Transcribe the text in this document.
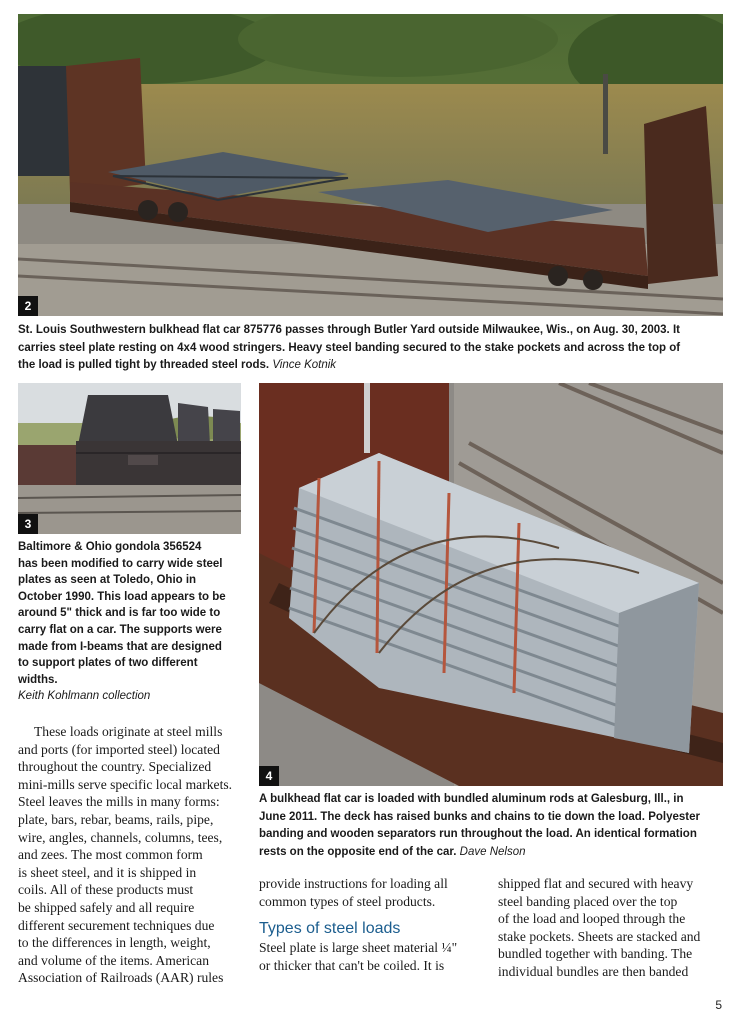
2
St. Louis Southwestern bulkhead flat car 875776 passes through Butler Yard outside Milwaukee, Wis., on Aug. 30, 2003. It
carries steel plate resting on 4x4 wood stringers. Heavy steel banding secured to the stake pockets and across the top of
the load is pulled tight by threaded steel rods. Vince Kotnik
3
Baltimore & Ohio gondola 356524
has been modified to carry wide steel
plates as seen at Toledo, Ohio in
October 1990. This load appears to be
around 5" thick and is far too wide to
carry flat on a car. The supports were
made from I-beams that are designed
to support plates of two different
widths.
Keith Kohlmann collection
4
A bulkhead flat car is loaded with bundled aluminum rods at Galesburg, Ill., in
June 2011. The deck has raised bunks and chains to tie down the load. Polyester
banding and wooden separators run throughout the load. An identical formation
rests on the opposite end of the car. Dave Nelson
These loads originate at steel mills
and ports (for imported steel) located
throughout the country. Specialized
mini-mills serve specific local markets.
Steel leaves the mills in many forms:
plate, bars, rebar, beams, rails, pipe,
wire, angles, channels, columns, tees,
and zees. The most common form
is sheet steel, and it is shipped in
coils. All of these products must
be shipped safely and all require
different securement techniques due
to the differences in length, weight,
and volume of the items. American
Association of Railroads (AAR) rules
provide instructions for loading all
common types of steel products.
Types of steel loads
Steel plate is large sheet material ¼"
or thicker that can't be coiled. It is
shipped flat and secured with heavy
steel banding placed over the top
of the load and looped through the
stake pockets. Sheets are stacked and
bundled together with banding. The
individual bundles are then banded
5
